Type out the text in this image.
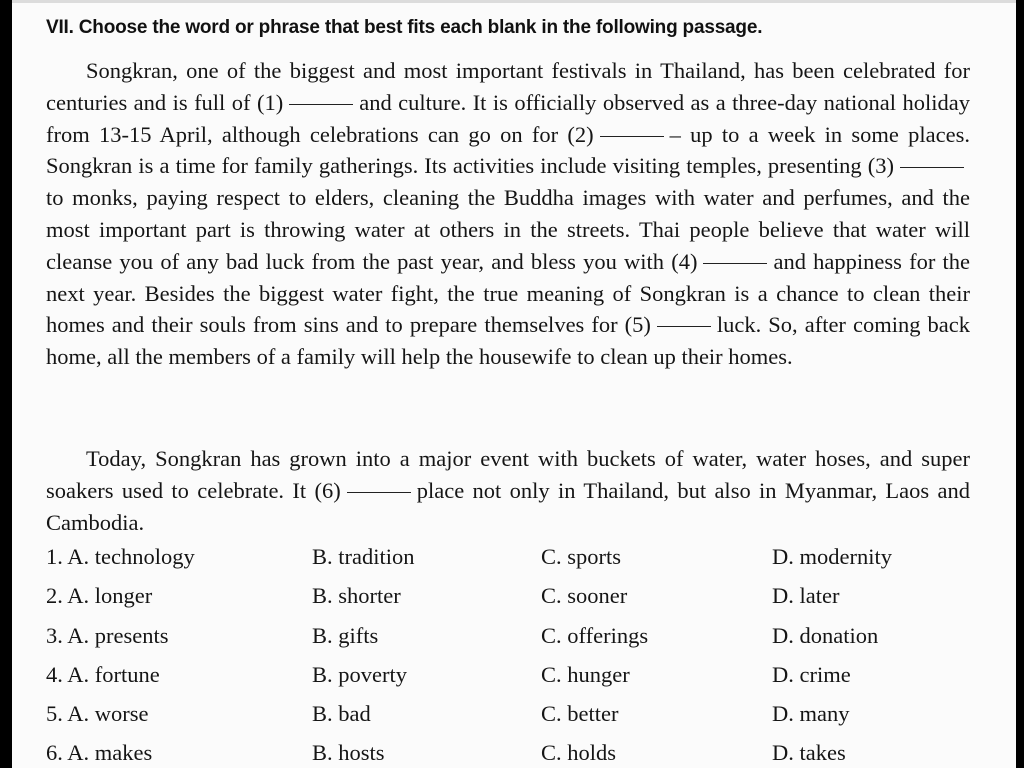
VII. Choose the word or phrase that best fits each blank in the following passage.

Songkran, one of the biggest and most important festivals in Thailand, has been celebrated for centuries and is full of (1)	and culture. It is officially observed as a three-day national holiday from 13-15 April, although celebrations can go on for (2)	– up to a week in some places. Songkran is a time for family gatherings. Its activities include visiting temples, presenting (3)to monks, paying respect to elders, cleaning the Buddha images with water and perfumes, and the most important part is throwing water at others in the streets. Thai people believe that water will cleanse you of any bad luck from the past year, and bless you with (4)	and happiness for the next year. Besides the biggest water fight, the true meaning of Songkran is a chance to clean their homes and their souls from sins and to prepare themselves for (5)	luck. So, after coming back home, all the members of a family will help the housewife to clean up their homes.

Today, Songkran has grown into a major event with buckets of water, water hoses, and super soakers used to celebrate. It (6)	place not only in Thailand, but also in Myanmar, Laos and Cambodia.

1. A. technology	B. tradition	C. sports	D. modernity
2. A. longer	B. shorter	C. sooner	D. later
3. A. presents	B. gifts	C. offerings	D. donation
4. A. fortune	B. poverty	C. hunger	D. crime
5. A. worse	B. bad	C. better	D. many
6. A. makes	B. hosts	C. holds	D. takes
